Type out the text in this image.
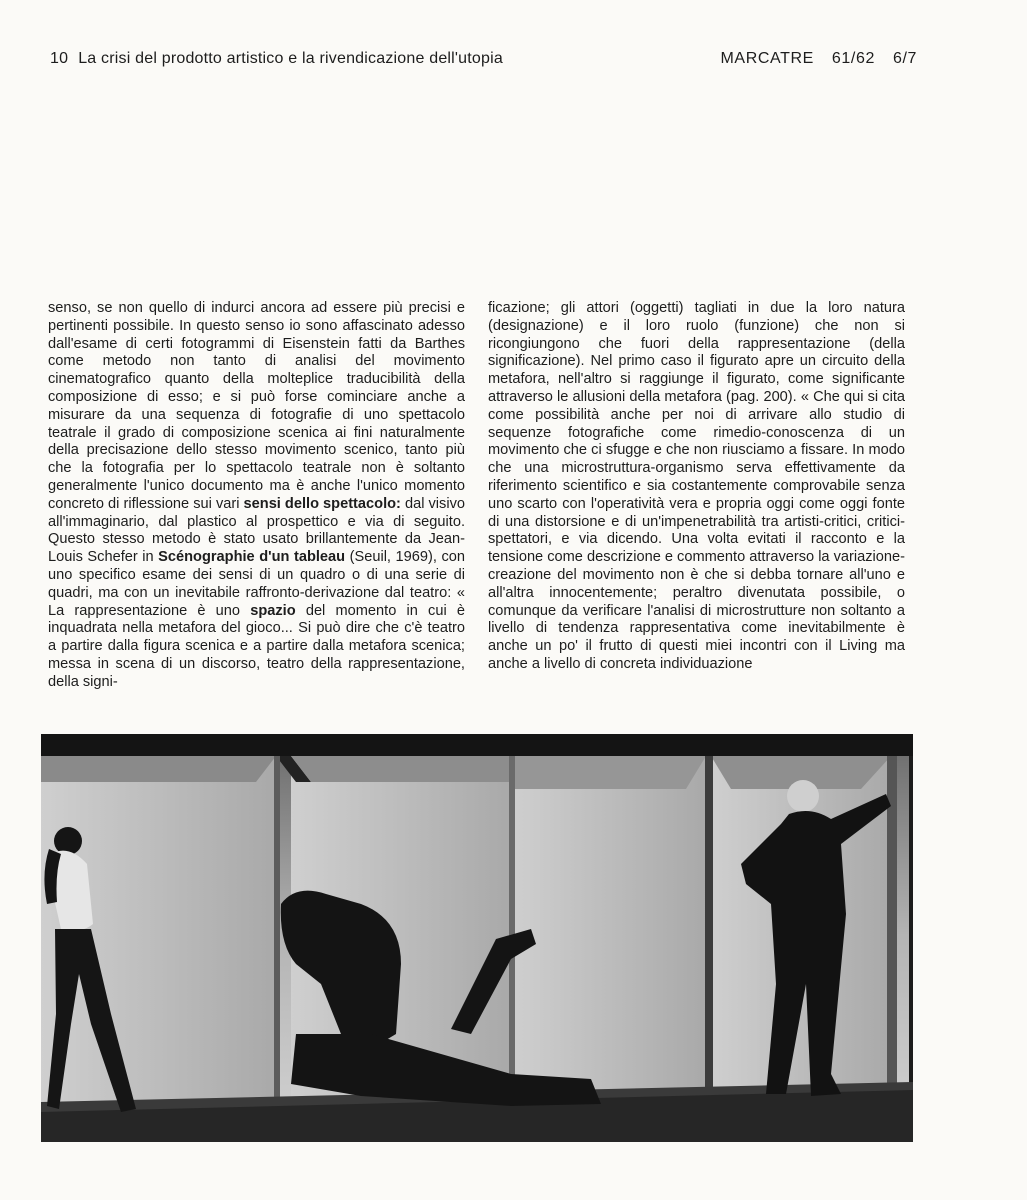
10 La crisi del prodotto artistico e la rivendicazione dell'utopia	MARCATRE 61/62 6/7

senso, se non quello di indurci ancora ad essere più precisi e pertinenti possibile. In questo senso io sono affascinato adesso dall'esame di certi fotogrammi di Eisenstein fatti da Barthes come metodo non tanto di analisi del movimento cinematografico quanto della molteplice traducibilità della composizione di esso; e si può forse cominciare anche a misurare da una sequenza di fotografie di uno spettacolo teatrale il grado di composizione scenica ai fini naturalmente della precisazione dello stesso movimento scenico, tanto più che la fotografia per lo spettacolo teatrale non è soltanto generalmente l'unico documento ma è anche l'unico momento concreto di riflessione sui vari sensi dello spettacolo: dal visivo all'immaginario, dal plastico al prospettico e via di seguito. Questo stesso metodo è stato usato brillantemente da Jean-Louis Schefer in Scénographie d'un tableau (Seuil, 1969), con uno specifico esame dei sensi di un quadro o di una serie di quadri, ma con un inevitabile raffronto-derivazione dal teatro: « La rappresentazione è uno spazio del momento in cui è inquadrata nella metafora del gioco... Si può dire che c'è teatro a partire dalla figura scenica e a partire dalla metafora scenica; messa in scena di un discorso, teatro della rappresentazione, della signi-

ficazione; gli attori (oggetti) tagliati in due la loro natura (designazione) e il loro ruolo (funzione) che non si ricongiungono che fuori della rappresentazione (della significazione). Nel primo caso il figurato apre un circuito della metafora, nell'altro si raggiunge il figurato, come significante attraverso le allusioni della metafora (pag. 200). « Che qui si cita come possibilità anche per noi di arrivare allo studio di sequenze fotografiche come rimedio-conoscenza di un movimento che ci sfugge e che non riusciamo a fissare. In modo che una microstruttura-organismo serva effettivamente da riferimento scientifico e sia costantemente comprovabile senza uno scarto con l'operatività vera e propria oggi come oggi fonte di una distorsione e di un'impenetrabilità tra artisti-critici, critici-spettatori, e via dicendo. Una volta evitati il racconto e la tensione come descrizione e commento attraverso la variazione-creazione del movimento non è che si debba tornare all'uno e all'altra innocentemente; peraltro divenutata possibile, o comunque da verificare l'analisi di microstrutture non soltanto a livello di tendenza rappresentativa come inevitabilmente è anche un po' il frutto di questi miei incontri con il Living ma anche a livello di concreta individuazione
